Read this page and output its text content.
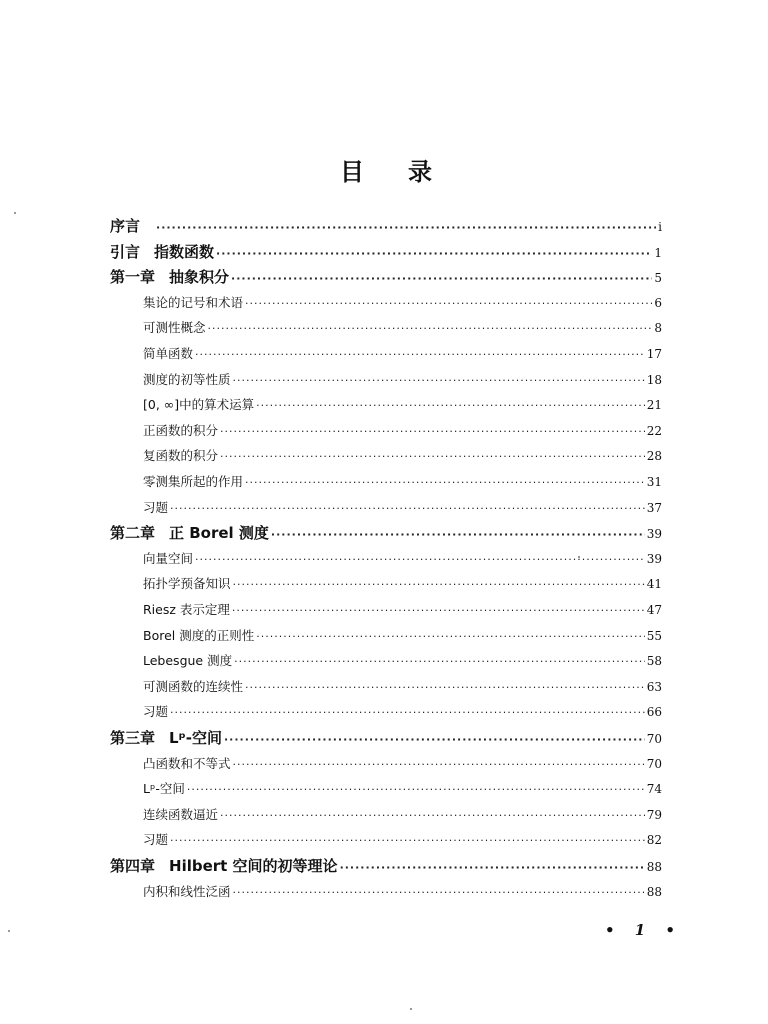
目 录
序言 ·····	i
引言 指数函数 ·····	1
第一章 抽象积分 ·····	5
集论的记号和术语 ·····	6
可测性概念 ·····	8
简单函数 ·····	17
测度的初等性质 ·····	18
[0, ∞]中的算术运算 ·····	21
正函数的积分 ·····	22
复函数的积分 ·····	28
零测集所起的作用 ·····	31
习题 ·····	37
第二章 正 Borel 测度 ·····	39
向量空间 ·····	39
拓扑学预备知识 ·····	41
Riesz 表示定理 ·····	47
Borel 测度的正则性 ·····	55
Lebesgue 测度 ·····	58
可测函数的连续性 ·····	63
习题 ·····	66
第三章 Lᵖ-空间 ·····	70
凸函数和不等式 ·····	70
Lᵖ-空间 ·····	74
连续函数逼近 ·····	79
习题 ·····	82
第四章 Hilbert 空间的初等理论 ·····	88
内积和线性泛函 ·····	88
• 1 •
